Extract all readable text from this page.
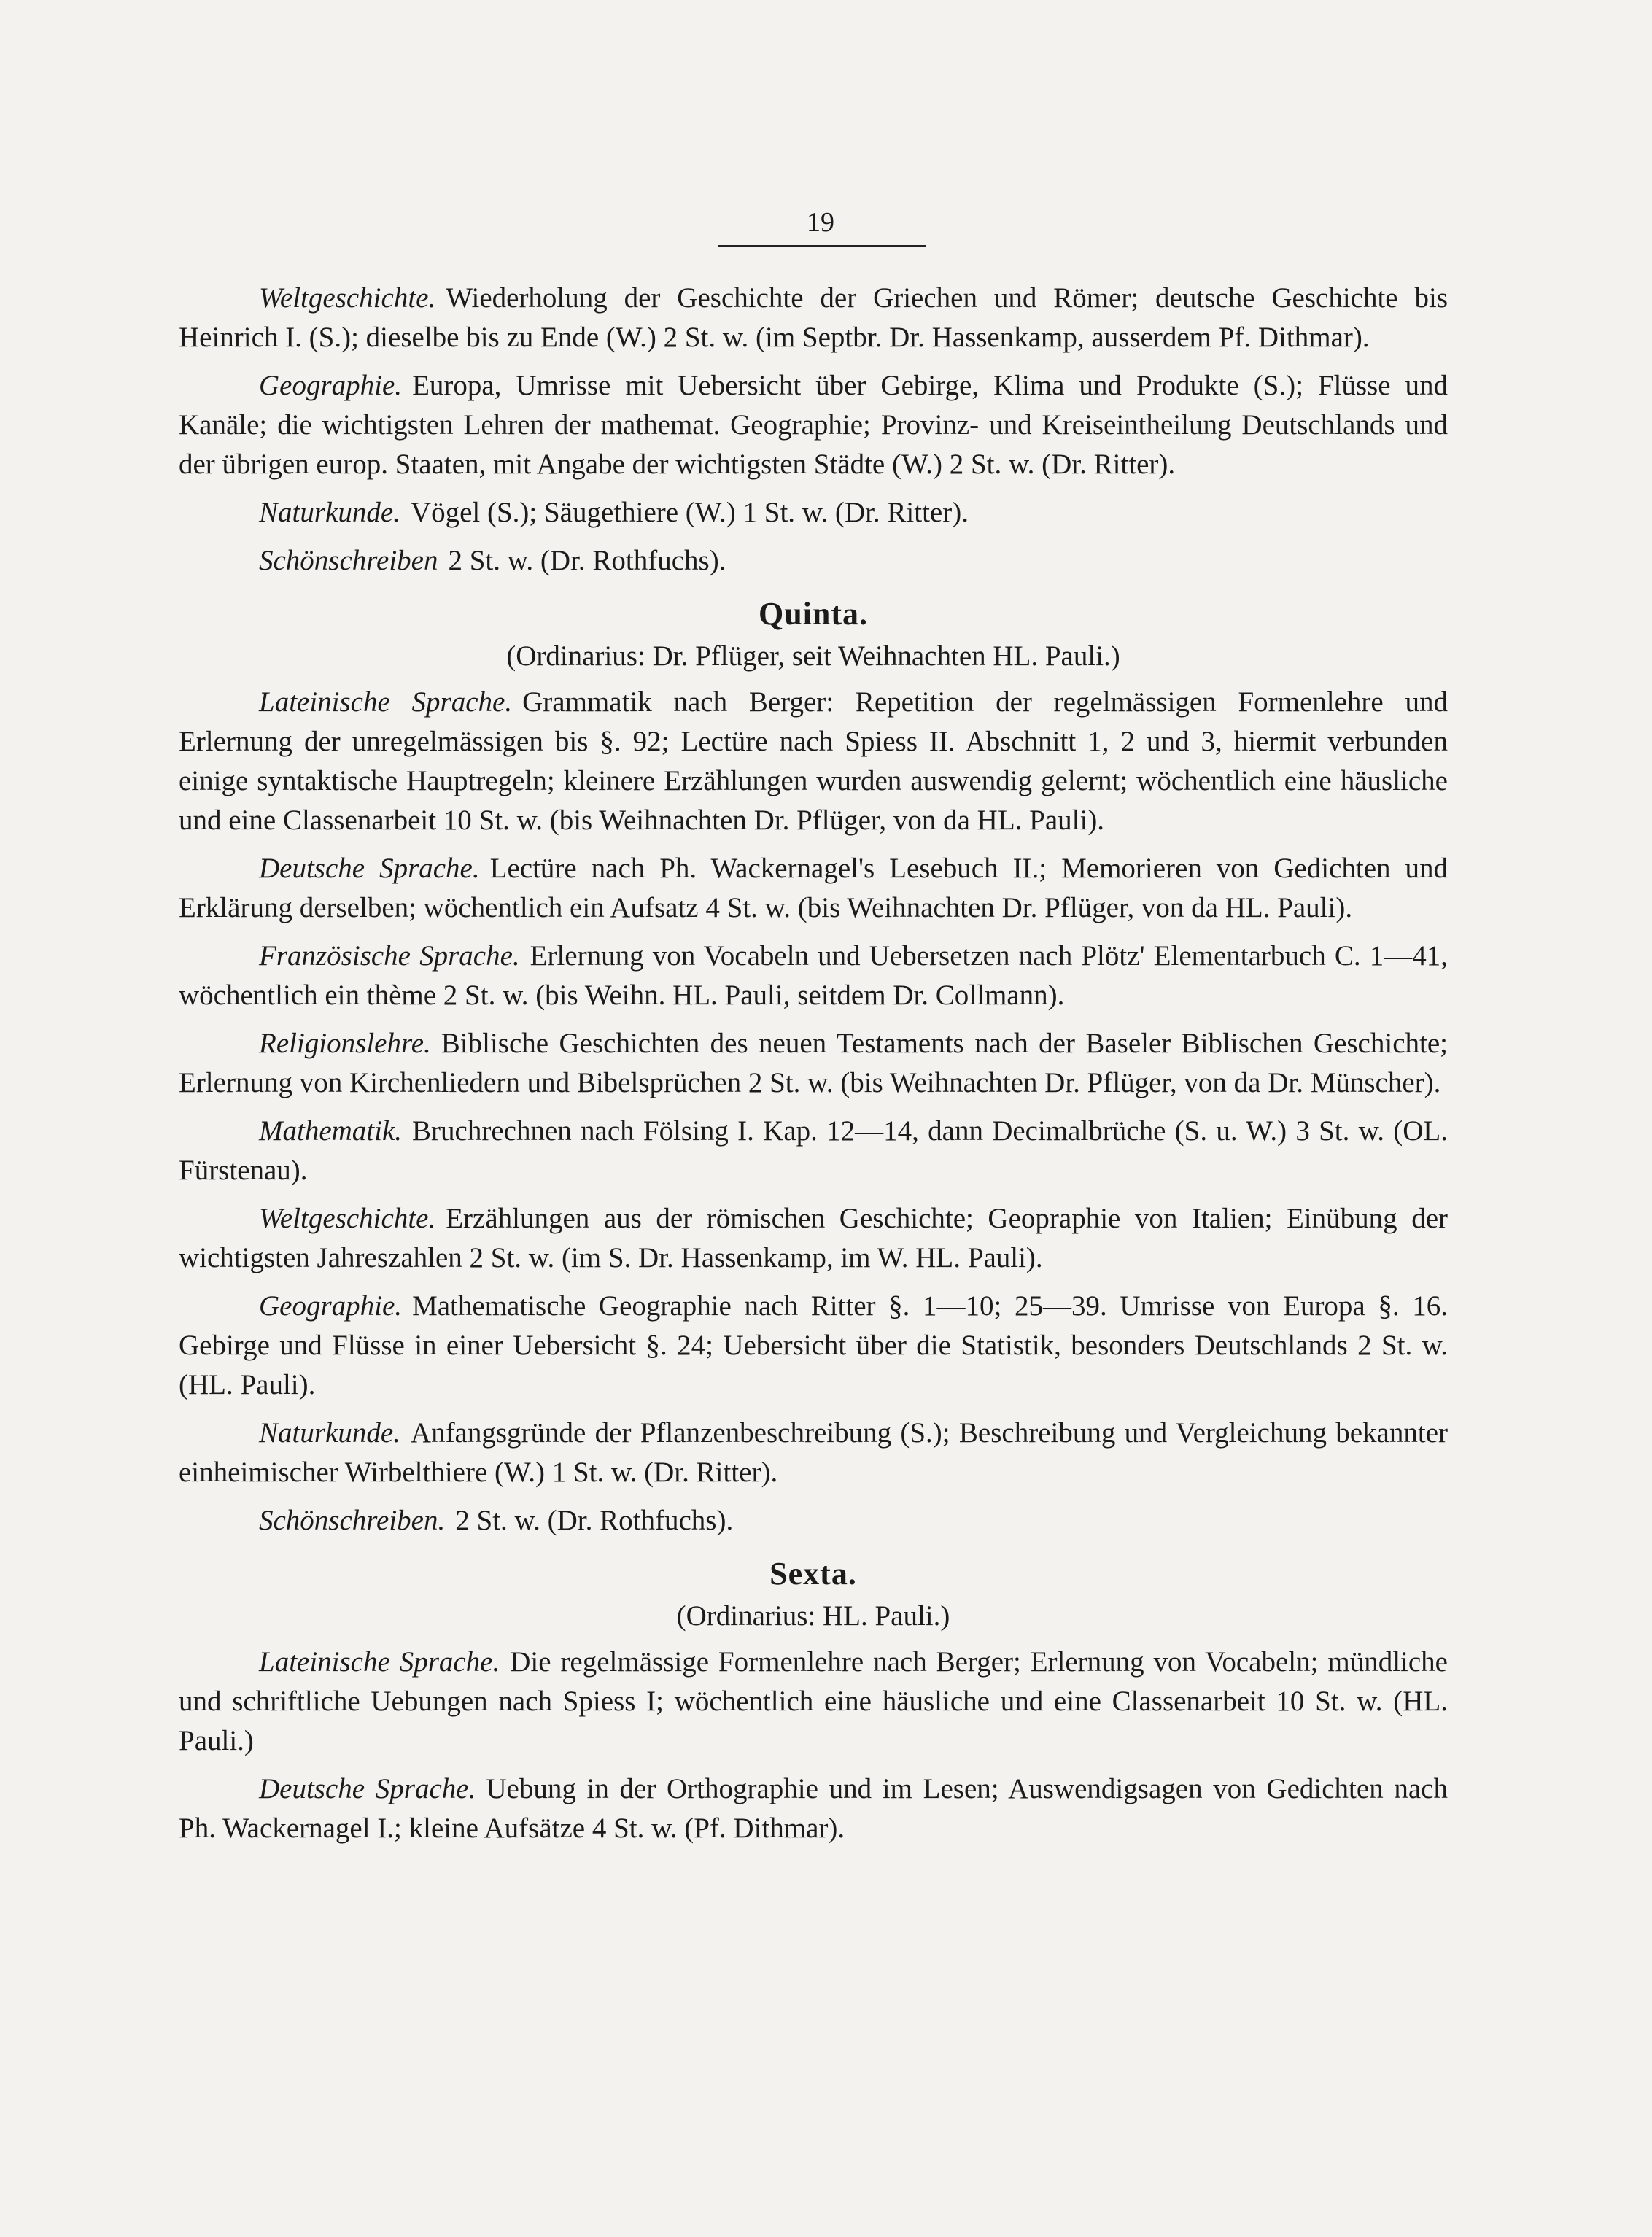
19

Weltgeschichte. Wiederholung der Geschichte der Griechen und Römer; deutsche Geschichte bis Heinrich I. (S.); dieselbe bis zu Ende (W.) 2 St. w. (im Septbr. Dr. Hassenkamp, ausserdem Pf. Dithmar).

Geographie. Europa, Umrisse mit Uebersicht über Gebirge, Klima und Produkte (S.); Flüsse und Kanäle; die wichtigsten Lehren der mathemat. Geographie; Provinz- und Kreiseintheilung Deutschlands und der übrigen europ. Staaten, mit Angabe der wichtigsten Städte (W.) 2 St. w. (Dr. Ritter).

Naturkunde. Vögel (S.); Säugethiere (W.) 1 St. w. (Dr. Ritter).

Schönschreiben 2 St. w. (Dr. Rothfuchs).

Quinta.

(Ordinarius: Dr. Pflüger, seit Weihnachten HL. Pauli.)

Lateinische Sprache. Grammatik nach Berger: Repetition der regelmässigen Formenlehre und Erlernung der unregelmässigen bis §. 92; Lectüre nach Spiess II. Abschnitt 1, 2 und 3, hiermit verbunden einige syntaktische Hauptregeln; kleinere Erzählungen wurden auswendig gelernt; wöchentlich eine häusliche und eine Classenarbeit 10 St. w. (bis Weihnachten Dr. Pflüger, von da HL. Pauli).

Deutsche Sprache. Lectüre nach Ph. Wackernagel's Lesebuch II.; Memorieren von Gedichten und Erklärung derselben; wöchentlich ein Aufsatz 4 St. w. (bis Weihnachten Dr. Pflüger, von da HL. Pauli).

Französische Sprache. Erlernung von Vocabeln und Uebersetzen nach Plötz' Elementarbuch C. 1—41, wöchentlich ein thème 2 St. w. (bis Weihn. HL. Pauli, seitdem Dr. Collmann).

Religionslehre. Biblische Geschichten des neuen Testaments nach der Baseler Biblischen Geschichte; Erlernung von Kirchenliedern und Bibelsprüchen 2 St. w. (bis Weihnachten Dr. Pflüger, von da Dr. Münscher).

Mathematik. Bruchrechnen nach Fölsing I. Kap. 12—14, dann Decimalbrüche (S. u. W.) 3 St. w. (OL. Fürstenau).

Weltgeschichte. Erzählungen aus der römischen Geschichte; Geopraphie von Italien; Einübung der wichtigsten Jahreszahlen 2 St. w. (im S. Dr. Hassenkamp, im W. HL. Pauli).

Geographie. Mathematische Geographie nach Ritter §. 1—10; 25—39. Umrisse von Europa §. 16. Gebirge und Flüsse in einer Uebersicht §. 24; Uebersicht über die Statistik, besonders Deutschlands 2 St. w. (HL. Pauli).

Naturkunde. Anfangsgründe der Pflanzenbeschreibung (S.); Beschreibung und Vergleichung bekannter einheimischer Wirbelthiere (W.) 1 St. w. (Dr. Ritter).

Schönschreiben. 2 St. w. (Dr. Rothfuchs).

Sexta.

(Ordinarius: HL. Pauli.)

Lateinische Sprache. Die regelmässige Formenlehre nach Berger; Erlernung von Vocabeln; mündliche und schriftliche Uebungen nach Spiess I; wöchentlich eine häusliche und eine Classenarbeit 10 St. w. (HL. Pauli.)

Deutsche Sprache. Uebung in der Orthographie und im Lesen; Auswendigsagen von Gedichten nach Ph. Wackernagel I.; kleine Aufsätze 4 St. w. (Pf. Dithmar).
